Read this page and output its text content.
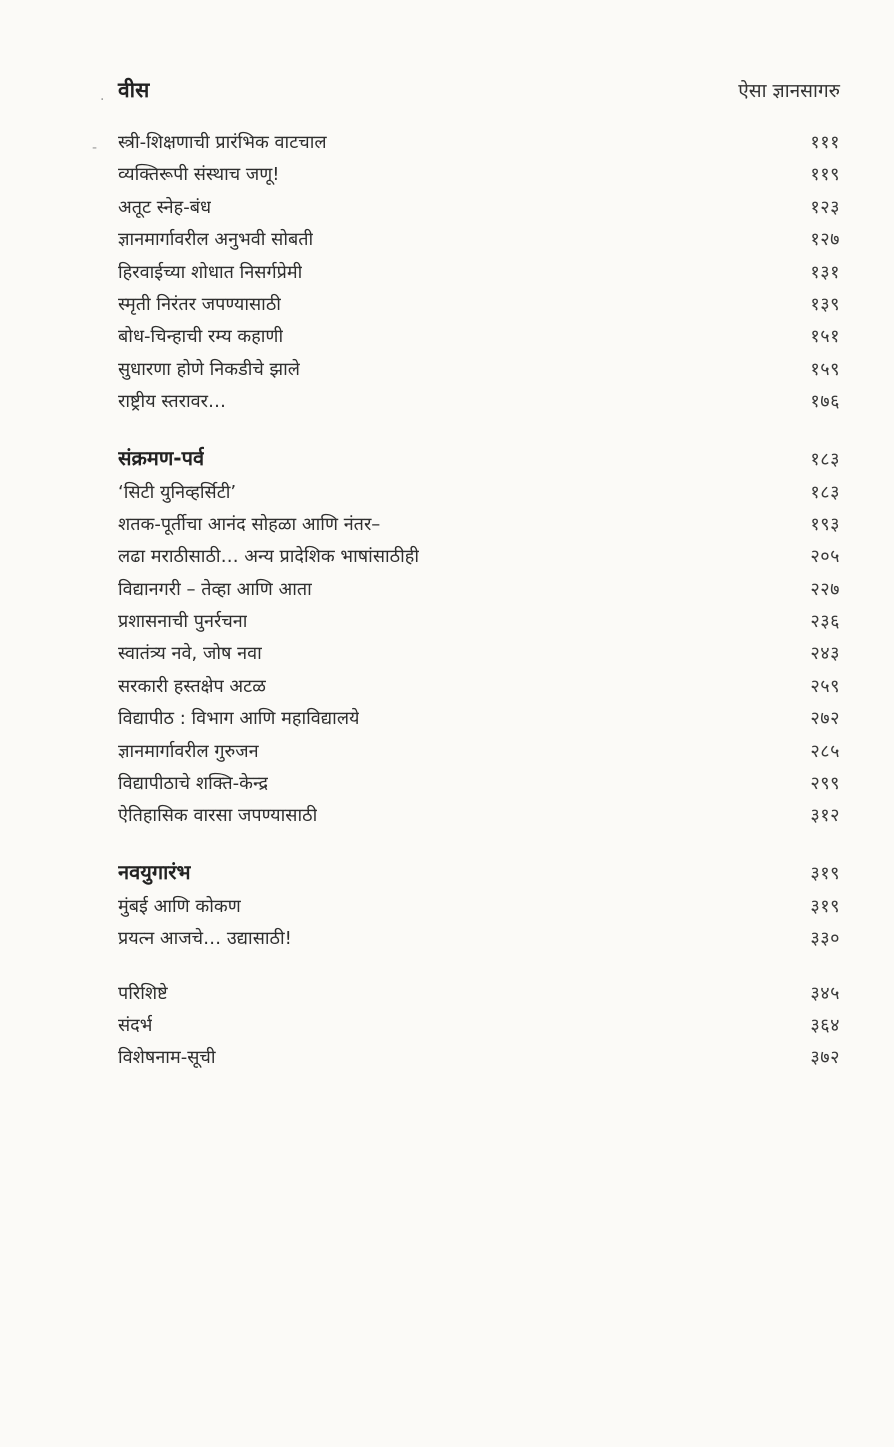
·
-
वीस	ऐसा ज्ञानसागरु
स्त्री-शिक्षणाची प्रारंभिक वाटचाल	१११
व्यक्तिरूपी संस्थाच जणू!	११९
अतूट स्नेह-बंध	१२३
ज्ञानमार्गावरील अनुभवी सोबती	१२७
हिरवाईच्या शोधात निसर्गप्रेमी	१३१
स्मृती निरंतर जपण्यासाठी	१३९
बोध-चिन्हाची रम्य कहाणी	१५१
सुधारणा होणे निकडीचे झाले	१५९
राष्ट्रीय स्तरावर…	१७६
संक्रमण-पर्व	१८३
‘सिटी युनिव्हर्सिटी’	१८३
शतक-पूर्तीचा आनंद सोहळा आणि नंतर–	१९३
लढा मराठीसाठी… अन्य प्रादेशिक भाषांसाठीही	२०५
विद्यानगरी – तेव्हा आणि आता	२२७
प्रशासनाची पुनर्रचना	२३६
स्वातंत्र्य नवे, जोष नवा	२४३
सरकारी हस्तक्षेप अटळ	२५९
विद्यापीठ : विभाग आणि महाविद्यालये	२७२
ज्ञानमार्गावरील गुरुजन	२८५
विद्यापीठाचे शक्ति-केन्द्र	२९९
ऐतिहासिक वारसा जपण्यासाठी	३१२
नवयुगारंभ	३१९
मुंबई आणि कोकण	३१९
प्रयत्न आजचे… उद्यासाठी!	३३०
परिशिष्टे	३४५
संदर्भ	३६४
विशेषनाम-सूची	३७२
